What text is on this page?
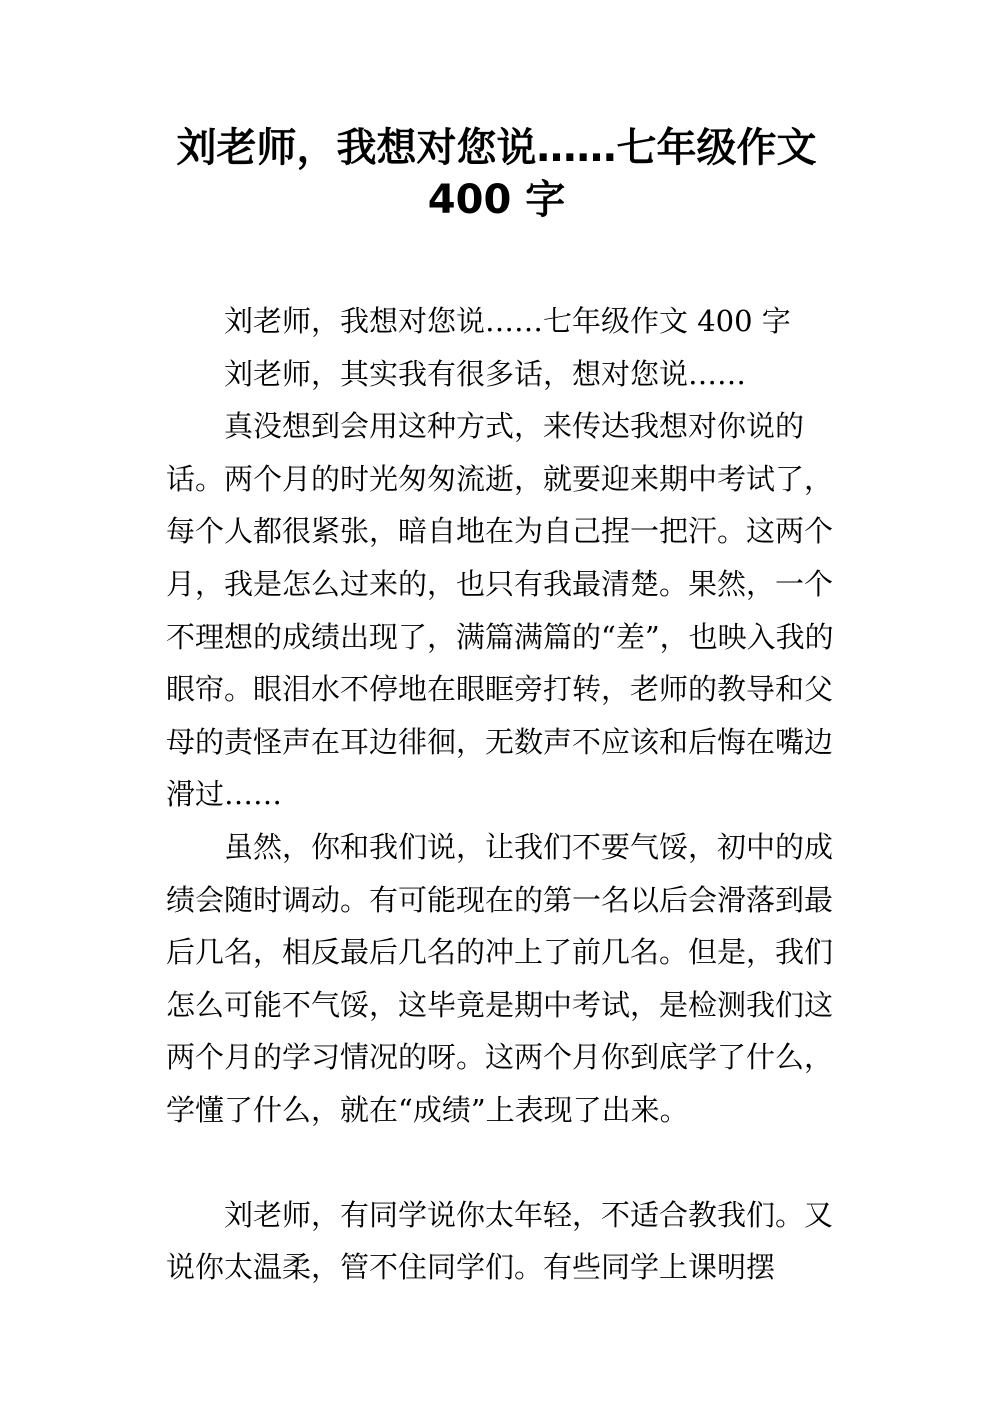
刘老师，我想对您说……七年级作文
400 字

刘老师，我想对您说……七年级作文 400 字

刘老师，其实我有很多话，想对您说……

真没想到会用这种方式，来传达我想对你说的话。两个月的时光匆匆流逝，就要迎来期中考试了，每个人都很紧张，暗自地在为自己捏一把汗。这两个月，我是怎么过来的，也只有我最清楚。果然，一个不理想的成绩出现了，满篇满篇的“差”，也映入我的眼帘。眼泪水不停地在眼眶旁打转，老师的教导和父母的责怪声在耳边徘徊，无数声不应该和后悔在嘴边滑过……

虽然，你和我们说，让我们不要气馁，初中的成绩会随时调动。有可能现在的第一名以后会滑落到最后几名，相反最后几名的冲上了前几名。但是，我们怎么可能不气馁，这毕竟是期中考试，是检测我们这两个月的学习情况的呀。这两个月你到底学了什么，学懂了什么，就在“成绩”上表现了出来。

刘老师，有同学说你太年轻，不适合教我们。又说你太温柔，管不住同学们。有些同学上课明摆
